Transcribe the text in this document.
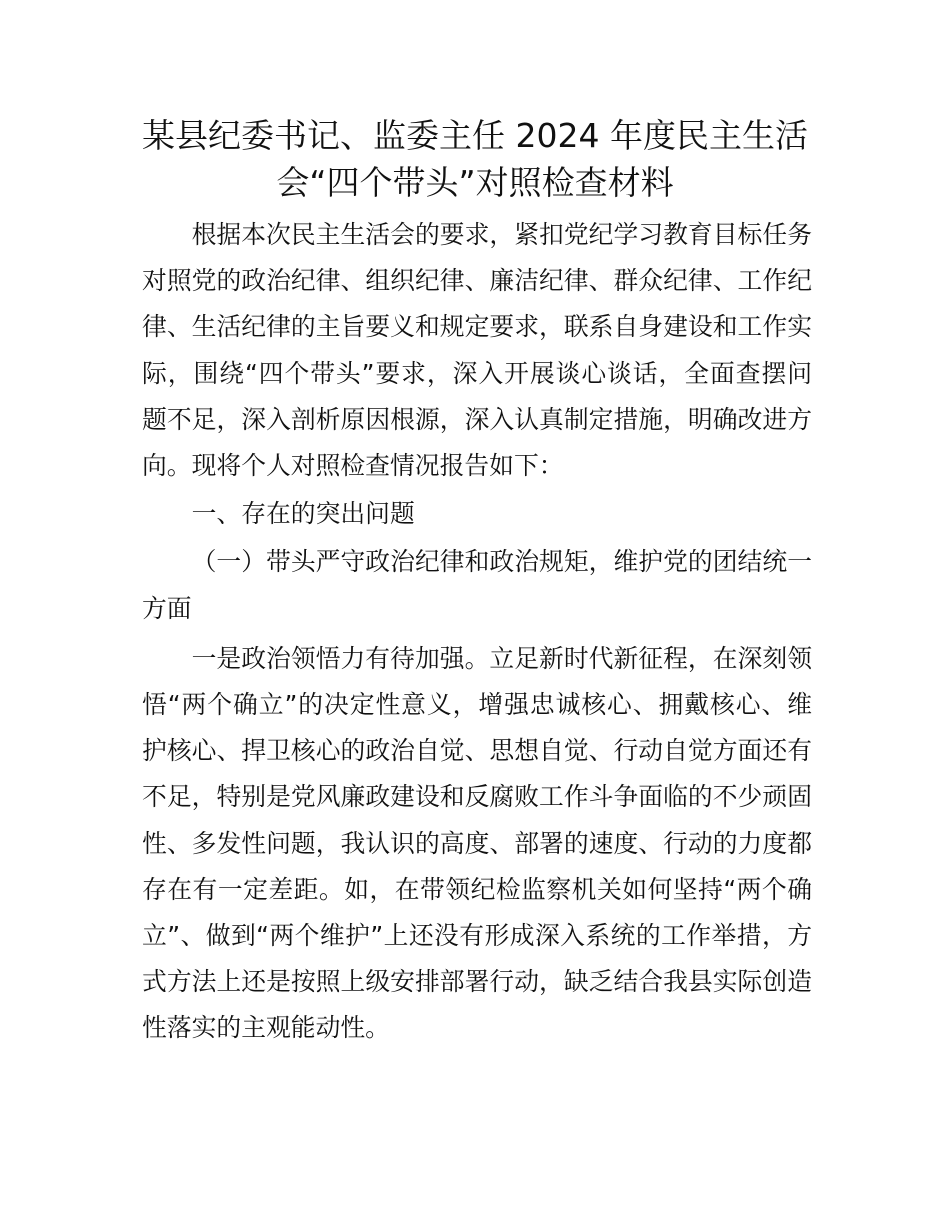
某县纪委书记、监委主任 2024 年度民主生活
会“四个带头”对照检查材料

根据本次民主生活会的要求，紧扣党纪学习教育目标任务对照党的政治纪律、组织纪律、廉洁纪律、群众纪律、工作纪律、生活纪律的主旨要义和规定要求，联系自身建设和工作实际，围绕“四个带头”要求，深入开展谈心谈话，全面查摆问题不足，深入剖析原因根源，深入认真制定措施，明确改进方向。现将个人对照检查情况报告如下：

一、存在的突出问题

（一）带头严守政治纪律和政治规矩，维护党的团结统一方面

一是政治领悟力有待加强。立足新时代新征程，在深刻领悟“两个确立”的决定性意义，增强忠诚核心、拥戴核心、维护核心、捍卫核心的政治自觉、思想自觉、行动自觉方面还有不足，特别是党风廉政建设和反腐败工作斗争面临的不少顽固性、多发性问题，我认识的高度、部署的速度、行动的力度都存在有一定差距。如，在带领纪检监察机关如何坚持“两个确立”、做到“两个维护”上还没有形成深入系统的工作举措，方式方法上还是按照上级安排部署行动，缺乏结合我县实际创造性落实的主观能动性。
